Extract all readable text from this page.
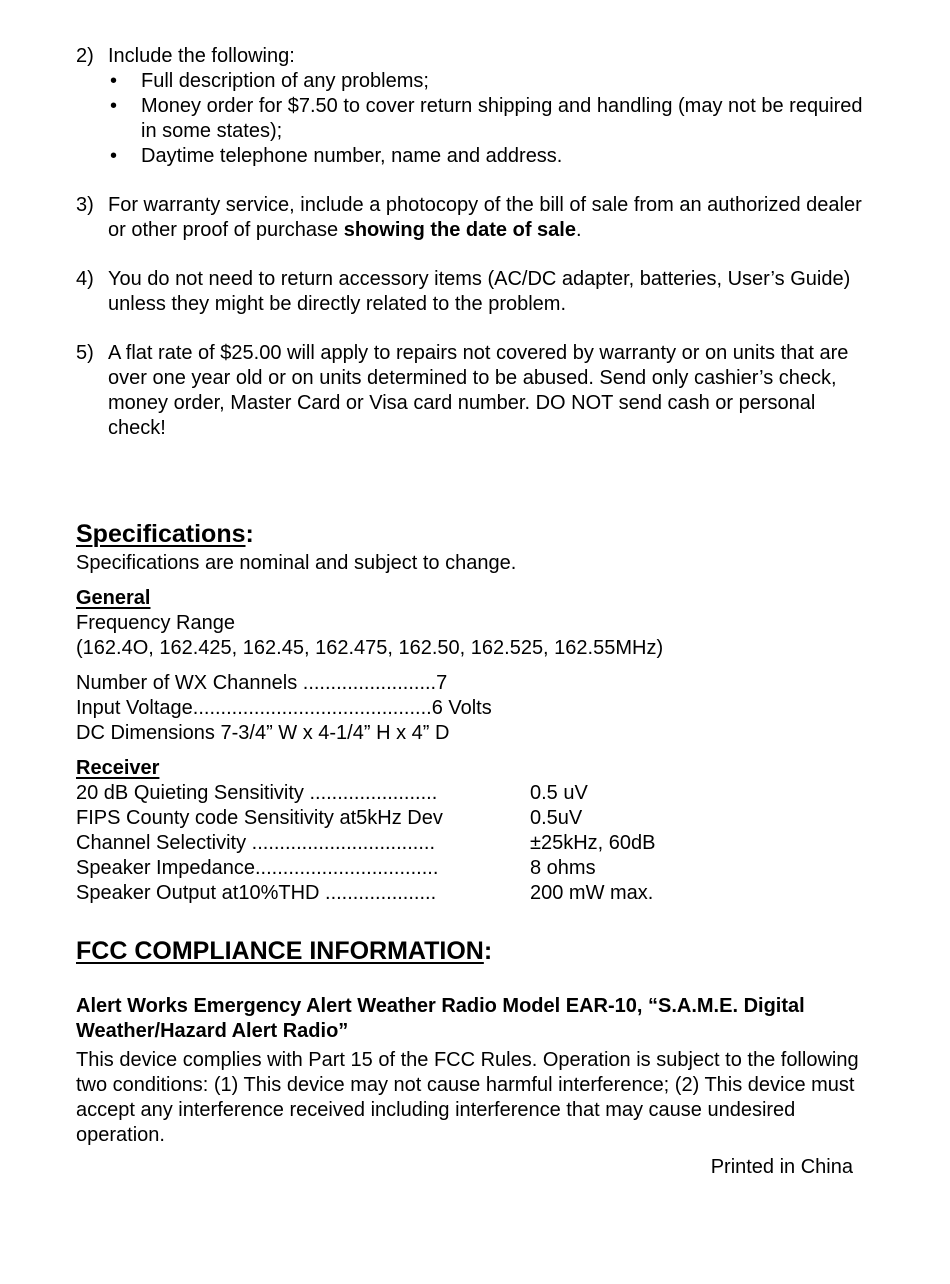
2) Include the following:
• Full description of any problems;
• Money order for $7.50 to cover return shipping and handling (may not be required in some states);
• Daytime telephone number, name and address.
3) For warranty service, include a photocopy of the bill of sale from an authorized dealer or other proof of purchase showing the date of sale.
4) You do not need to return accessory items (AC/DC adapter, batteries, User’s Guide) unless they might be directly related to the problem.
5) A flat rate of $25.00 will apply to repairs not covered by warranty or on units that are over one year old or on units determined to be abused. Send only cashier’s check, money order, Master Card or Visa card number. DO NOT send cash or personal check!
Specifications:
Specifications are nominal and subject to change.
General
Frequency Range
(162.4O, 162.425, 162.45, 162.475, 162.50, 162.525, 162.55MHz)
Number of WX Channels ........................7
Input Voltage...........................................6 Volts
DC Dimensions 7-3/4” W x 4-1/4” H x 4” D
Receiver
20 dB Quieting Sensitivity .......................	0.5 uV
FIPS County code Sensitivity at5kHz Dev	0.5uV
Channel Selectivity .................................	±25kHz, 60dB
Speaker Impedance.................................	8 ohms
Speaker Output at10%THD ....................	200 mW max.
FCC COMPLIANCE INFORMATION:
Alert Works Emergency Alert Weather Radio Model EAR-10, “S.A.M.E. Digital Weather/Hazard Alert Radio”
This device complies with Part 15 of the FCC Rules. Operation is subject to the following two conditions: (1) This device may not cause harmful interference; (2) This device must accept any interference received including interference that may cause undesired operation.
Printed in China
